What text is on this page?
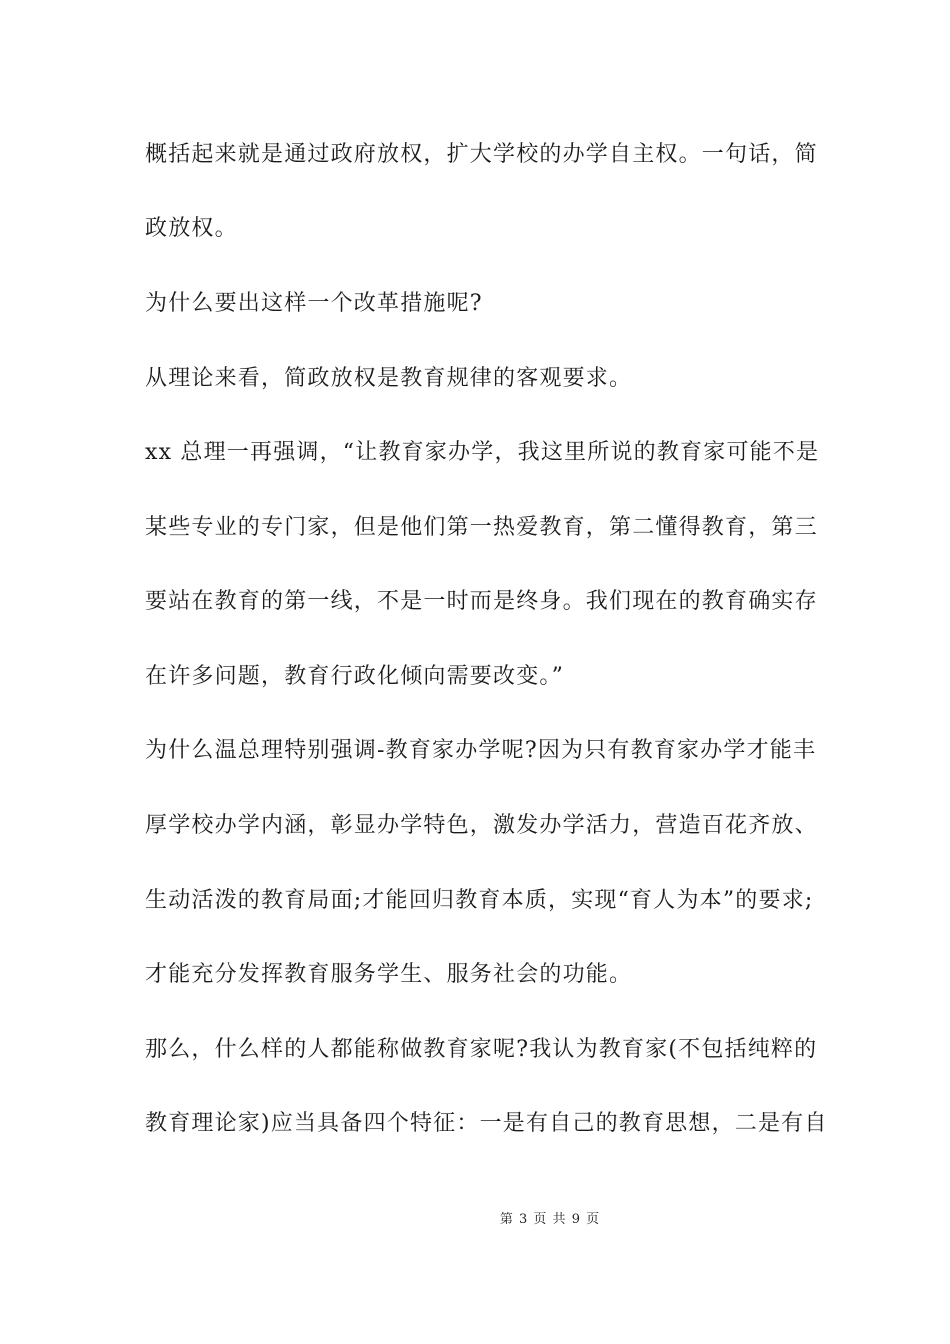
概括起来就是通过政府放权，扩大学校的办学自主权。一句话，简
政放权。
为什么要出这样一个改革措施呢?
从理论来看，简政放权是教育规律的客观要求。
xx 总理一再强调，“让教育家办学，我这里所说的教育家可能不是
某些专业的专门家，但是他们第一热爱教育，第二懂得教育，第三
要站在教育的第一线，不是一时而是终身。我们现在的教育确实存
在许多问题，教育行政化倾向需要改变。”
为什么温总理特别强调-教育家办学呢?因为只有教育家办学才能丰
厚学校办学内涵，彰显办学特色，激发办学活力，营造百花齐放、
生动活泼的教育局面;才能回归教育本质，实现“育人为本”的要求;
才能充分发挥教育服务学生、服务社会的功能。
那么，什么样的人都能称做教育家呢?我认为教育家(不包括纯粹的
教育理论家)应当具备四个特征：一是有自己的教育思想，二是有自
第 3 页 共 9 页
